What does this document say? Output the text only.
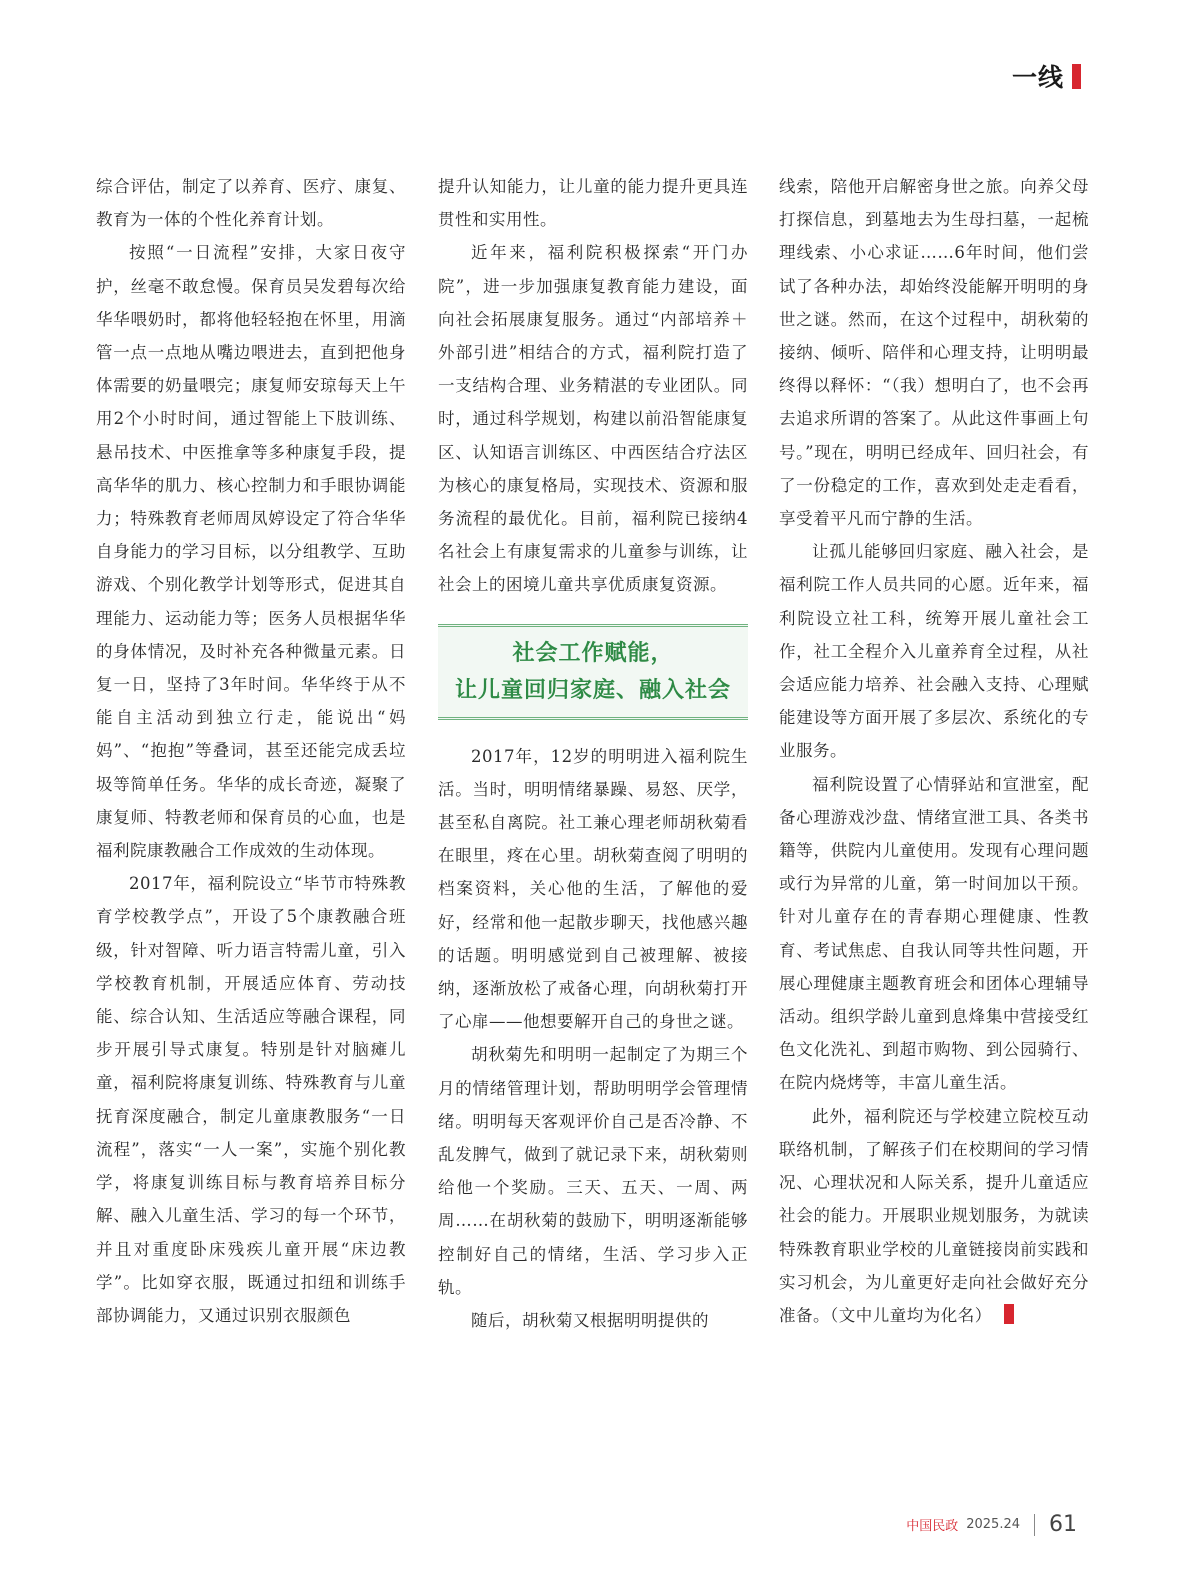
一线

综合评估，制定了以养育、医疗、康复、教育为一体的个性化养育计划。

按照“一日流程”安排，大家日夜守护，丝毫不敢怠慢。保育员吴发碧每次给华华喂奶时，都将他轻轻抱在怀里，用滴管一点一点地从嘴边喂进去，直到把他身体需要的奶量喂完；康复师安琼每天上午用2个小时时间，通过智能上下肢训练、悬吊技术、中医推拿等多种康复手段，提高华华的肌力、核心控制力和手眼协调能力；特殊教育老师周凤婷设定了符合华华自身能力的学习目标，以分组教学、互助游戏、个别化教学计划等形式，促进其自理能力、运动能力等；医务人员根据华华的身体情况，及时补充各种微量元素。日复一日，坚持了3年时间。华华终于从不能自主活动到独立行走，能说出“妈妈”、“抱抱”等叠词，甚至还能完成丢垃圾等简单任务。华华的成长奇迹，凝聚了康复师、特教老师和保育员的心血，也是福利院康教融合工作成效的生动体现。

2017年，福利院设立“毕节市特殊教育学校教学点”，开设了5个康教融合班级，针对智障、听力语言特需儿童，引入学校教育机制，开展适应体育、劳动技能、综合认知、生活适应等融合课程，同步开展引导式康复。特别是针对脑瘫儿童，福利院将康复训练、特殊教育与儿童抚育深度融合，制定儿童康教服务“一日流程”，落实“一人一案”，实施个别化教学，将康复训练目标与教育培养目标分解、融入儿童生活、学习的每一个环节，并且对重度卧床残疾儿童开展“床边教学”。比如穿衣服，既通过扣纽和训练手部协调能力，又通过识别衣服颜色

提升认知能力，让儿童的能力提升更具连贯性和实用性。

近年来，福利院积极探索“开门办院”，进一步加强康复教育能力建设，面向社会拓展康复服务。通过“内部培养＋外部引进”相结合的方式，福利院打造了一支结构合理、业务精湛的专业团队。同时，通过科学规划，构建以前沿智能康复区、认知语言训练区、中西医结合疗法区为核心的康复格局，实现技术、资源和服务流程的最优化。目前，福利院已接纳4名社会上有康复需求的儿童参与训练，让社会上的困境儿童共享优质康复资源。

社会工作赋能，
让儿童回归家庭、融入社会

2017年，12岁的明明进入福利院生活。当时，明明情绪暴躁、易怒、厌学，甚至私自离院。社工兼心理老师胡秋菊看在眼里，疼在心里。胡秋菊查阅了明明的档案资料，关心他的生活，了解他的爱好，经常和他一起散步聊天，找他感兴趣的话题。明明感觉到自己被理解、被接纳，逐渐放松了戒备心理，向胡秋菊打开了心扉——他想要解开自己的身世之谜。

胡秋菊先和明明一起制定了为期三个月的情绪管理计划，帮助明明学会管理情绪。明明每天客观评价自己是否冷静、不乱发脾气，做到了就记录下来，胡秋菊则给他一个奖励。三天、五天、一周、两周……在胡秋菊的鼓励下，明明逐渐能够控制好自己的情绪，生活、学习步入正轨。

随后，胡秋菊又根据明明提供的

线索，陪他开启解密身世之旅。向养父母打探信息，到墓地去为生母扫墓，一起梳理线索、小心求证……6年时间，他们尝试了各种办法，却始终没能解开明明的身世之谜。然而，在这个过程中，胡秋菊的接纳、倾听、陪伴和心理支持，让明明最终得以释怀：“（我）想明白了，也不会再去追求所谓的答案了。从此这件事画上句号。”现在，明明已经成年、回归社会，有了一份稳定的工作，喜欢到处走走看看，享受着平凡而宁静的生活。

让孤儿能够回归家庭、融入社会，是福利院工作人员共同的心愿。近年来，福利院设立社工科，统筹开展儿童社会工作，社工全程介入儿童养育全过程，从社会适应能力培养、社会融入支持、心理赋能建设等方面开展了多层次、系统化的专业服务。

福利院设置了心情驿站和宣泄室，配备心理游戏沙盘、情绪宣泄工具、各类书籍等，供院内儿童使用。发现有心理问题或行为异常的儿童，第一时间加以干预。针对儿童存在的青春期心理健康、性教育、考试焦虑、自我认同等共性问题，开展心理健康主题教育班会和团体心理辅导活动。组织学龄儿童到息烽集中营接受红色文化洗礼、到超市购物、到公园骑行、在院内烧烤等，丰富儿童生活。

此外，福利院还与学校建立院校互动联络机制，了解孩子们在校期间的学习情况、心理状况和人际关系，提升儿童适应社会的能力。开展职业规划服务，为就读特殊教育职业学校的儿童链接岗前实践和实习机会，为儿童更好走向社会做好充分准备。（文中儿童均为化名）

中国民政 2025.24 61
